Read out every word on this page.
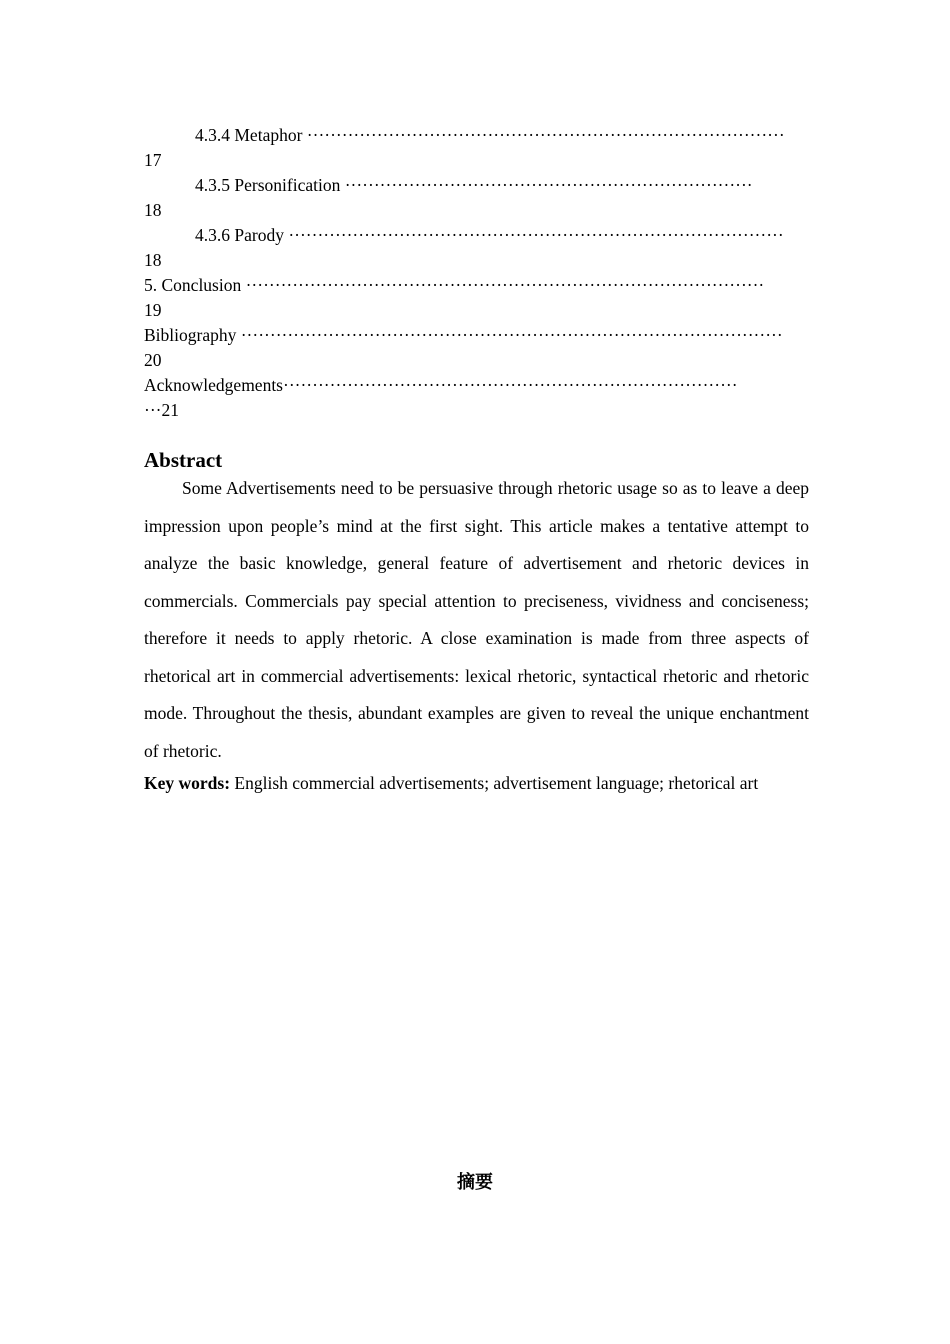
4.3.4 Metaphor ··················································································
17
4.3.5 Personification ······································································
18
4.3.6 Parody ·····················································································
18
5. Conclusion ·························································································
19
Bibliography ·····························································································
20
Acknowledgements··············································································
···21
Abstract

Some Advertisements need to be persuasive through rhetoric usage so as to leave a deep impression upon people’s mind at the first sight. This article makes a tentative attempt to analyze the basic knowledge, general feature of advertisement and rhetoric devices in commercials. Commercials pay special attention to preciseness, vividness and conciseness; therefore it needs to apply rhetoric. A close examination is made from three aspects of rhetorical art in commercial advertisements: lexical rhetoric, syntactical rhetoric and rhetoric mode. Throughout the thesis, abundant examples are given to reveal the unique enchantment of rhetoric.

Key words: English commercial advertisements; advertisement language; rhetorical art

摘要
